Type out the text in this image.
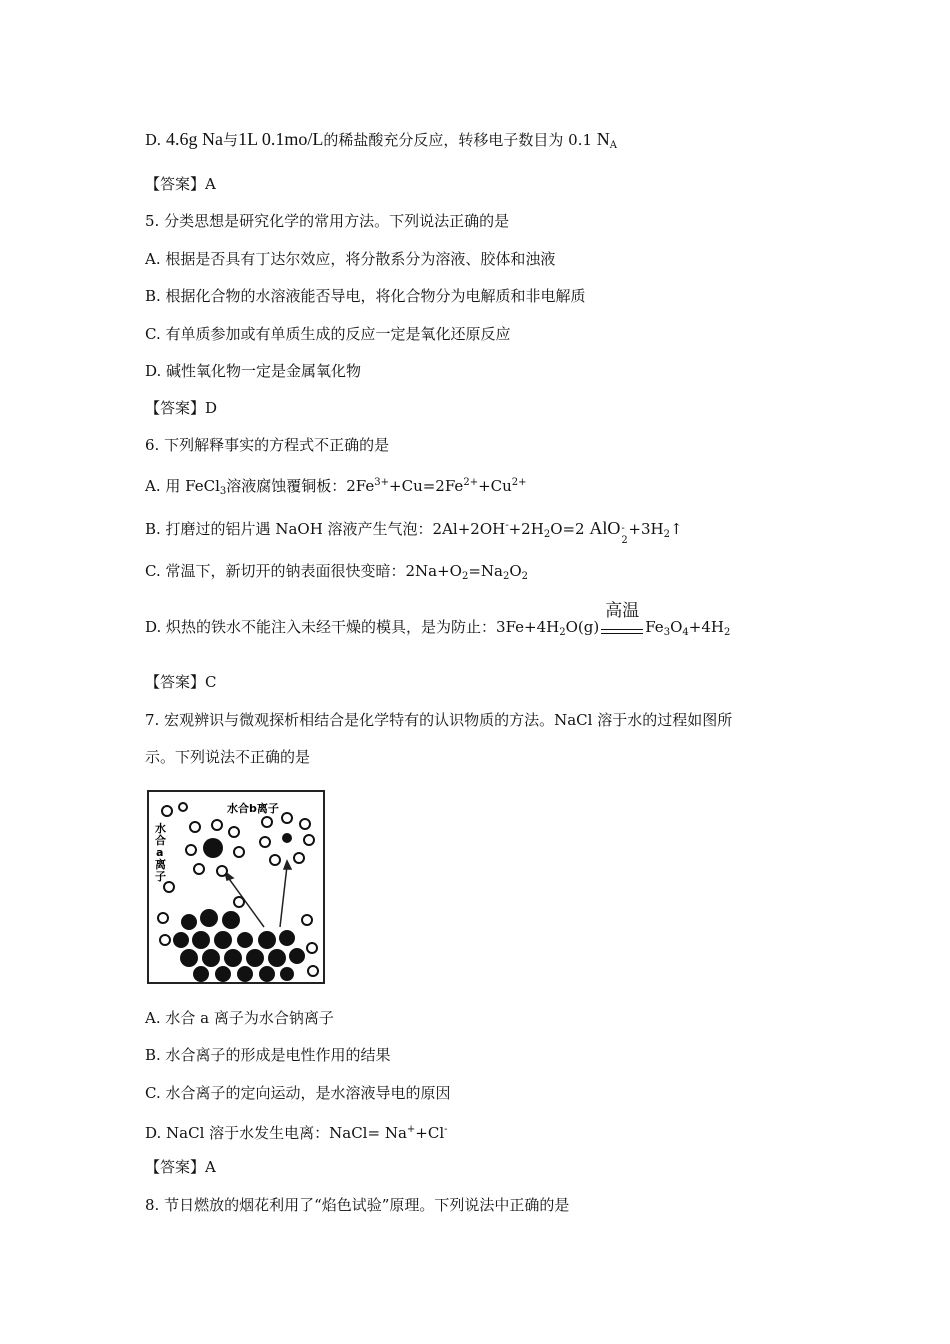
D. 4.6g Na与1L 0.1mo/L的稀盐酸充分反应，转移电子数目为 0.1 $N_A$
【答案】A
5. 分类思想是研究化学的常用方法。下列说法正确的是
A. 根据是否具有丁达尔效应，将分散系分为溶液、胶体和浊液
B. 根据化合物的水溶液能否导电，将化合物分为电解质和非电解质
C. 有单质参加或有单质生成的反应一定是氧化还原反应
D. 碱性氧化物一定是金属氧化物
【答案】D
6. 下列解释事实的方程式不正确的是
A. 用 FeCl$_3$溶液腐蚀覆铜板：$2Fe^{3+}+Cu=2Fe^{2+}+Cu^{2+}$
B. 打磨过的铝片遇 NaOH 溶液产生气泡：$2Al+2OH^-+2H_2O=2$ AlO -
2
$+3H_2↑$
C. 常温下，新切开的钠表面很快变暗：$2Na+O_2=Na_2O_2$
D. 炽热的铁水不能注入未经干燥的模具，是为防止：$3Fe+4H_2O(g)$
高温
$Fe_3O_4+4H_2$
【答案】C
7. 宏观辨识与微观探析相结合是化学特有的认识物质的方法。NaCl 溶于水的过程如图所
示。下列说法不正确的是
水合b离子
水
合
a
离
子
A. 水合 a 离子为水合钠离子
B. 水合离子的形成是电性作用的结果
C. 水合离子的定向运动，是水溶液导电的原因
D. NaCl 溶于水发生电离：NaCl= Na++Cl-
【答案】A
8. 节日燃放的烟花利用了“焰色试验”原理。下列说法中正确的是
